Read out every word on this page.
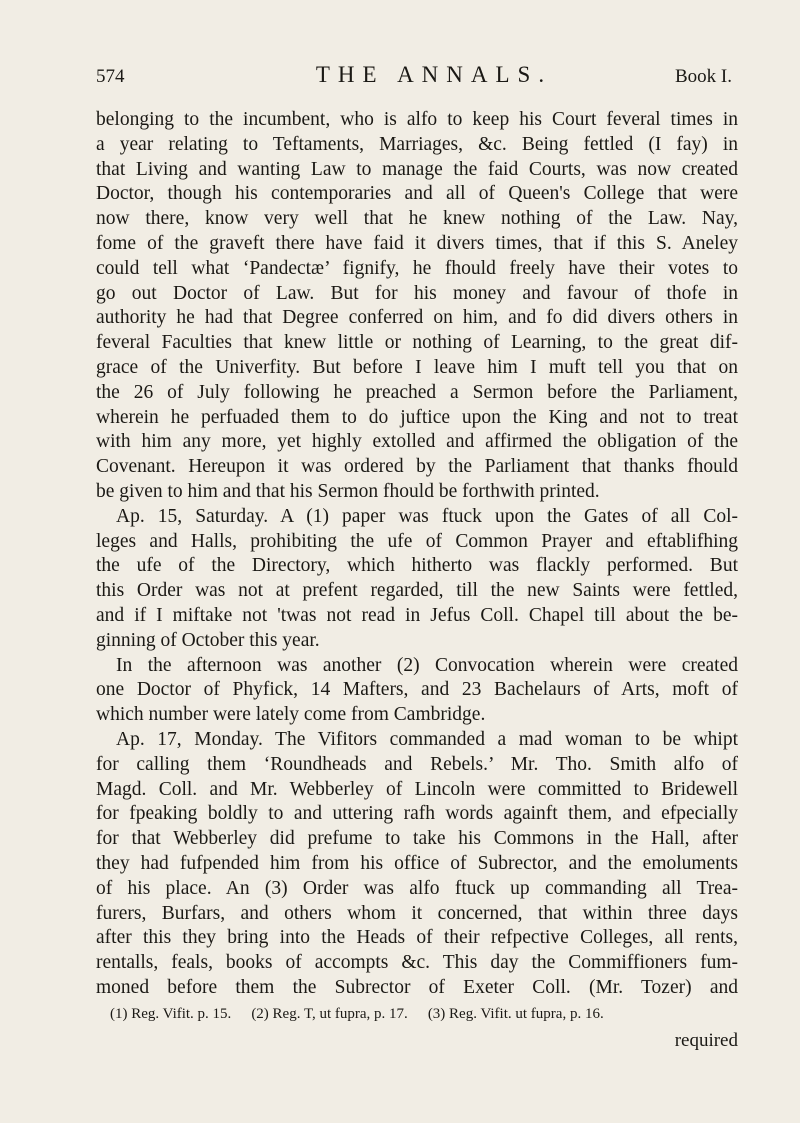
574	THE ANNALS.	Book I.
belonging to the incumbent, who is alfo to keep his Court feveral times in
a year relating to Teftaments, Marriages, &c. Being fettled (I fay) in
that Living and wanting Law to manage the faid Courts, was now created
Doctor, though his contemporaries and all of Queen's College that were
now there, know very well that he knew nothing of the Law. Nay,
fome of the graveft there have faid it divers times, that if this S. Aneley
could tell what ‘Pandectæ’ fignify, he fhould freely have their votes to
go out Doctor of Law. But for his money and favour of thofe in
authority he had that Degree conferred on him, and fo did divers others in
feveral Faculties that knew little or nothing of Learning, to the great dif-
grace of the Univerfity. But before I leave him I muft tell you that on
the 26 of July following he preached a Sermon before the Parliament,
wherein he perfuaded them to do juftice upon the King and not to treat
with him any more, yet highly extolled and affirmed the obligation of the
Covenant. Hereupon it was ordered by the Parliament that thanks fhould
be given to him and that his Sermon fhould be forthwith printed.
Ap. 15, Saturday. A (1) paper was ftuck upon the Gates of all Col-
leges and Halls, prohibiting the ufe of Common Prayer and eftablifhing
the ufe of the Directory, which hitherto was flackly performed. But
this Order was not at prefent regarded, till the new Saints were fettled,
and if I miftake not 'twas not read in Jefus Coll. Chapel till about the be-
ginning of October this year.
In the afternoon was another (2) Convocation wherein were created
one Doctor of Phyfick, 14 Mafters, and 23 Bachelaurs of Arts, moft of
which number were lately come from Cambridge.
Ap. 17, Monday. The Vifitors commanded a mad woman to be whipt
for calling them ‘Roundheads and Rebels.’ Mr. Tho. Smith alfo of
Magd. Coll. and Mr. Webberley of Lincoln were committed to Bridewell
for fpeaking boldly to and uttering rafh words againft them, and efpecially
for that Webberley did prefume to take his Commons in the Hall, after
they had fufpended him from his office of Subrector, and the emoluments
of his place. An (3) Order was alfo ftuck up commanding all Trea-
furers, Burfars, and others whom it concerned, that within three days
after this they bring into the Heads of their refpective Colleges, all rents,
rentalls, feals, books of accompts &c. This day the Commiffioners fum-
moned before them the Subrector of Exeter Coll. (Mr. Tozer) and
(1) Reg. Vifit. p. 15. (2) Reg. T, ut fupra, p. 17. (3) Reg. Vifit. ut fupra, p. 16.
required
